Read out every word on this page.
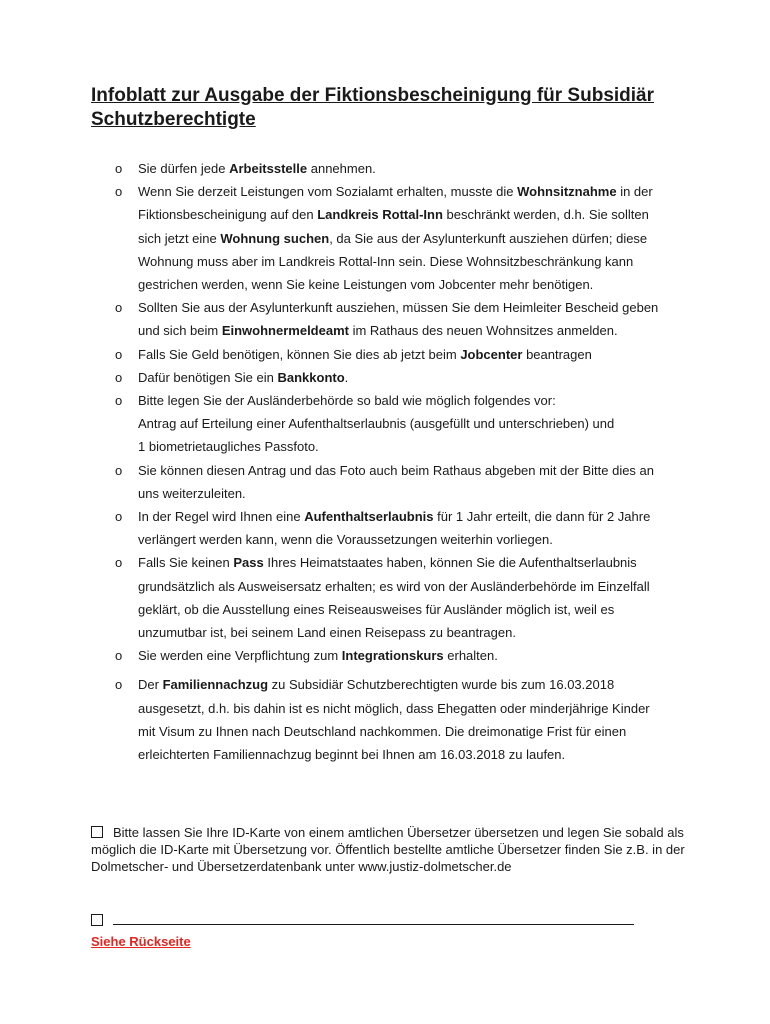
Infoblatt zur Ausgabe der Fiktionsbescheinigung für Subsidiär Schutzberechtigte
o Sie dürfen jede Arbeitsstelle annehmen.
o Wenn Sie derzeit Leistungen vom Sozialamt erhalten, musste die Wohnsitznahme in der Fiktionsbescheinigung auf den Landkreis Rottal-Inn beschränkt werden, d.h. Sie sollten sich jetzt eine Wohnung suchen, da Sie aus der Asylunterkunft ausziehen dürfen; diese Wohnung muss aber im Landkreis Rottal-Inn sein. Diese Wohnsitzbeschränkung kann gestrichen werden, wenn Sie keine Leistungen vom Jobcenter mehr benötigen.
o Sollten Sie aus der Asylunterkunft ausziehen, müssen Sie dem Heimleiter Bescheid geben und sich beim Einwohnermeldeamt im Rathaus des neuen Wohnsitzes anmelden.
o Falls Sie Geld benötigen, können Sie dies ab jetzt beim Jobcenter beantragen
o Dafür benötigen Sie ein Bankkonto.
o Bitte legen Sie der Ausländerbehörde so bald wie möglich folgendes vor:
Antrag auf Erteilung einer Aufenthaltserlaubnis (ausgefüllt und unterschrieben) und
1 biometrietaugliches Passfoto.
o Sie können diesen Antrag und das Foto auch beim Rathaus abgeben mit der Bitte dies an uns weiterzuleiten.
o In der Regel wird Ihnen eine Aufenthaltserlaubnis für 1 Jahr erteilt, die dann für 2 Jahre verlängert werden kann, wenn die Voraussetzungen weiterhin vorliegen.
o Falls Sie keinen Pass Ihres Heimatstaates haben, können Sie die Aufenthaltserlaubnis grundsätzlich als Ausweisersatz erhalten; es wird von der Ausländerbehörde im Einzelfall geklärt, ob die Ausstellung eines Reiseausweises für Ausländer möglich ist, weil es unzumutbar ist, bei seinem Land einen Reisepass zu beantragen.
o Sie werden eine Verpflichtung zum Integrationskurs erhalten.
o Der Familiennachzug zu Subsidiär Schutzberechtigten wurde bis zum 16.03.2018 ausgesetzt, d.h. bis dahin ist es nicht möglich, dass Ehegatten oder minderjährige Kinder mit Visum zu Ihnen nach Deutschland nachkommen. Die dreimonatige Frist für einen erleichterten Familiennachzug beginnt bei Ihnen am 16.03.2018 zu laufen.

Bitte lassen Sie Ihre ID-Karte von einem amtlichen Übersetzer übersetzen und legen Sie sobald als möglich die ID-Karte mit Übersetzung vor. Öffentlich bestellte amtliche Übersetzer finden Sie z.B. in der Dolmetscher- und Übersetzerdatenbank unter www.justiz-dolmetscher.de

Siehe Rückseite
